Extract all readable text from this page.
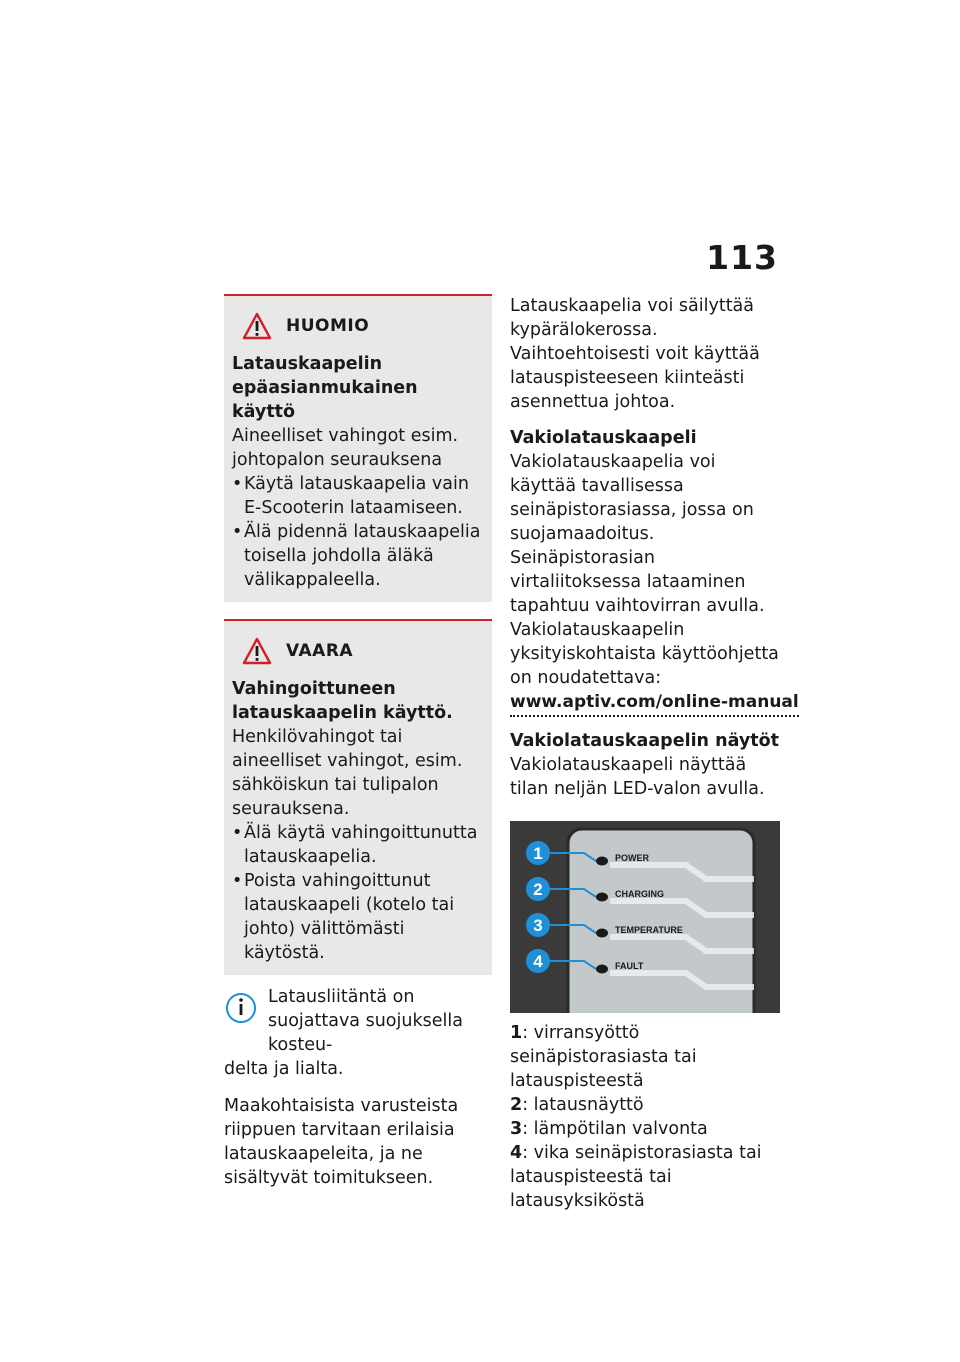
113
HUOMIO
Latauskaapelin epäasianmukainen käyttö
Aineelliset vahingot esim. johtopalon seurauksena
• Käytä latauskaapelia vain E-Scooterin lataamiseen.
• Älä pidennä latauskaapelia toisella johdolla äläkä välikappaleella.
VAARA
Vahingoittuneen latauskaapelin käyttö.
Henkilövahingot tai aineelliset vahingot, esim. sähköiskun tai tulipalon seurauksena.
• Älä käytä vahingoittunutta latauskaapelia.
• Poista vahingoittunut latauskaapeli (kotelo tai johto) välittömästi käytöstä.
Latausliitäntä on suojattava suojuksella kosteu-
delta ja lialta.
Maakohtaisista varusteista riippuen tarvitaan erilaisia latauskaapeleita, ja ne sisältyvät toimitukseen.

Latauskaapelia voi säilyttää kypärälokerossa.

Vaihtoehtoisesti voit käyttää latauspisteeseen kiinteästi asennettua johtoa.

Vakiolatauskaapeli

Vakiolatauskaapelia voi käyttää tavallisessa seinäpistorasiassa, jossa on suojamaadoitus. Seinäpistorasian virtaliitoksessa lataaminen tapahtuu vaihtovirran avulla.

Vakiolatauskaapelin yksityiskohtaista käyttöohjetta on noudatettava:

www.aptiv.com/online-manual

Vakiolatauskaapelin näytöt

Vakiolatauskaapeli näyttää tilan neljän LED-valon avulla.

1	POWER
2	CHARGING
3	TEMPERATURE
4	FAULT
1: virransyöttö seinäpistorasiasta tai latauspisteestä
2: latausnäyttö
3: lämpötilan valvonta
4: vika seinäpistorasiasta tai latauspisteestä tai latausyksiköstä
